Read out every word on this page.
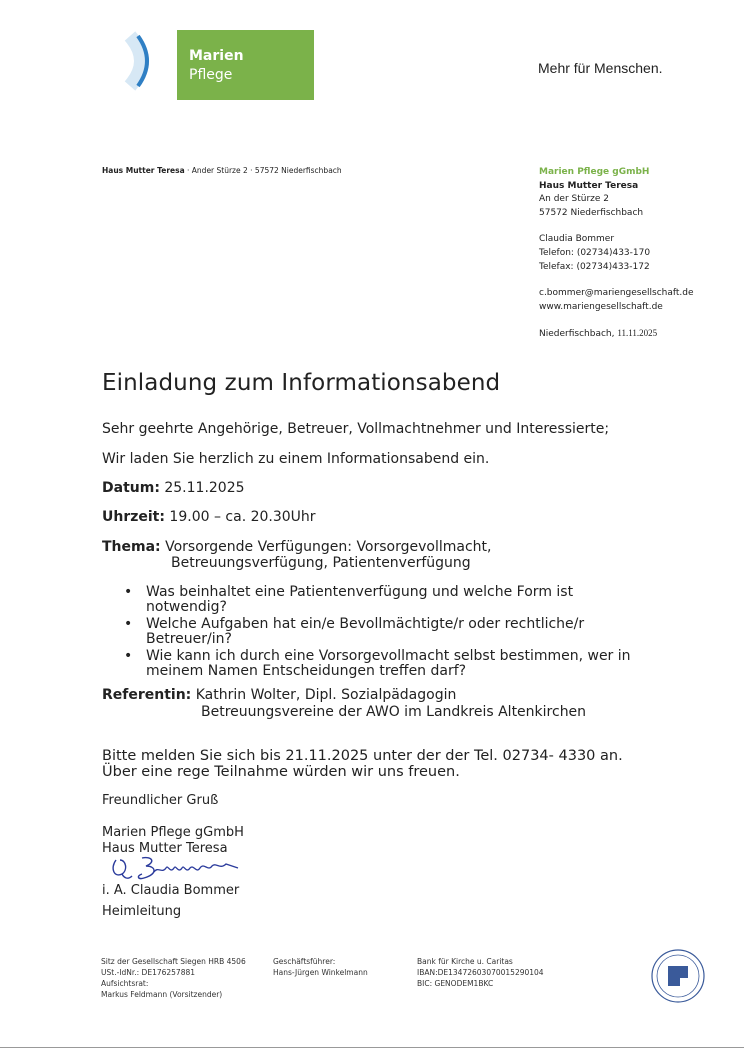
Marien
Pflege	Mehr für Menschen.
Haus Mutter Teresa · Ander Stürze 2 · 57572 Niederfischbach	Marien Pflege gGmbH
Haus Mutter Teresa
An der Stürze 2
57572 Niederfischbach
Claudia Bommer
Telefon: (02734)433-170
Telefax: (02734)433-172
c.bommer@mariengesellschaft.de
www.mariengesellschaft.de
Niederfischbach, 11.11.2025
Einladung zum Informationsabend
Sehr geehrte Angehörige, Betreuer, Vollmachtnehmer und Interessierte;
Wir laden Sie herzlich zu einem Informationsabend ein.
Datum: 25.11.2025
Uhrzeit: 19.00 – ca. 20.30Uhr
Thema: Vorsorgende Verfügungen: Vorsorgevollmacht,
Betreuungsverfügung, Patientenverfügung
• Was beinhaltet eine Patientenverfügung und welche Form ist
notwendig?
• Welche Aufgaben hat ein/e Bevollmächtigte/r oder rechtliche/r
Betreuer/in?
• Wie kann ich durch eine Vorsorgevollmacht selbst bestimmen, wer in
meinem Namen Entscheidungen treffen darf?
Referentin: Kathrin Wolter, Dipl. Sozialpädagogin
Betreuungsvereine der AWO im Landkreis Altenkirchen
Bitte melden Sie sich bis 21.11.2025 unter der der Tel. 02734- 4330 an.
Über eine rege Teilnahme würden wir uns freuen.
Freundlicher Gruß
Marien Pflege gGmbH
Haus Mutter Teresa
i. A. Claudia Bommer
Heimleitung
Sitz der Gesellschaft Siegen HRB 4506
USt.-IdNr.: DE176257881
Aufsichtsrat:
Markus Feldmann (Vorsitzender)
Geschäftsführer:
Hans-Jürgen Winkelmann
Bank für Kirche u. Caritas
IBAN:DE13472603070015290104
BIC: GENODEM1BKC
